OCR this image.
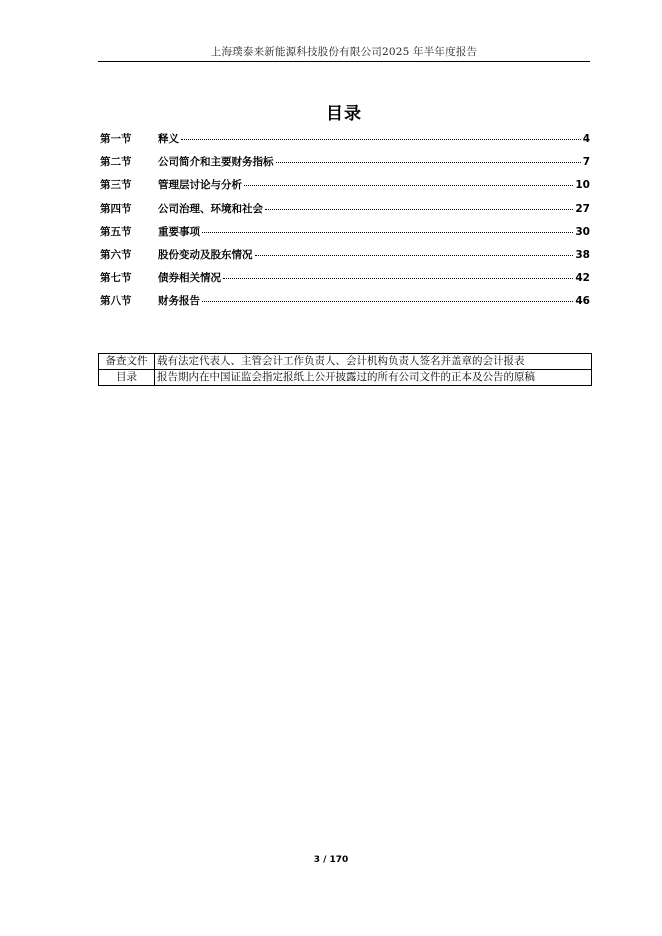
上海璞泰来新能源科技股份有限公司2025 年半年度报告
目录
第一节	释义	4
第二节	公司简介和主要财务指标	7
第三节	管理层讨论与分析	10
第四节	公司治理、环境和社会	27
第五节	重要事项	30
第六节	股份变动及股东情况	38
第七节	债券相关情况	42
第八节	财务报告	46
备查文件	载有法定代表人、主管会计工作负责人、会计机构负责人签名并盖章的会计报表
目录	报告期内在中国证监会指定报纸上公开披露过的所有公司文件的正本及公告的原稿
3 / 170
